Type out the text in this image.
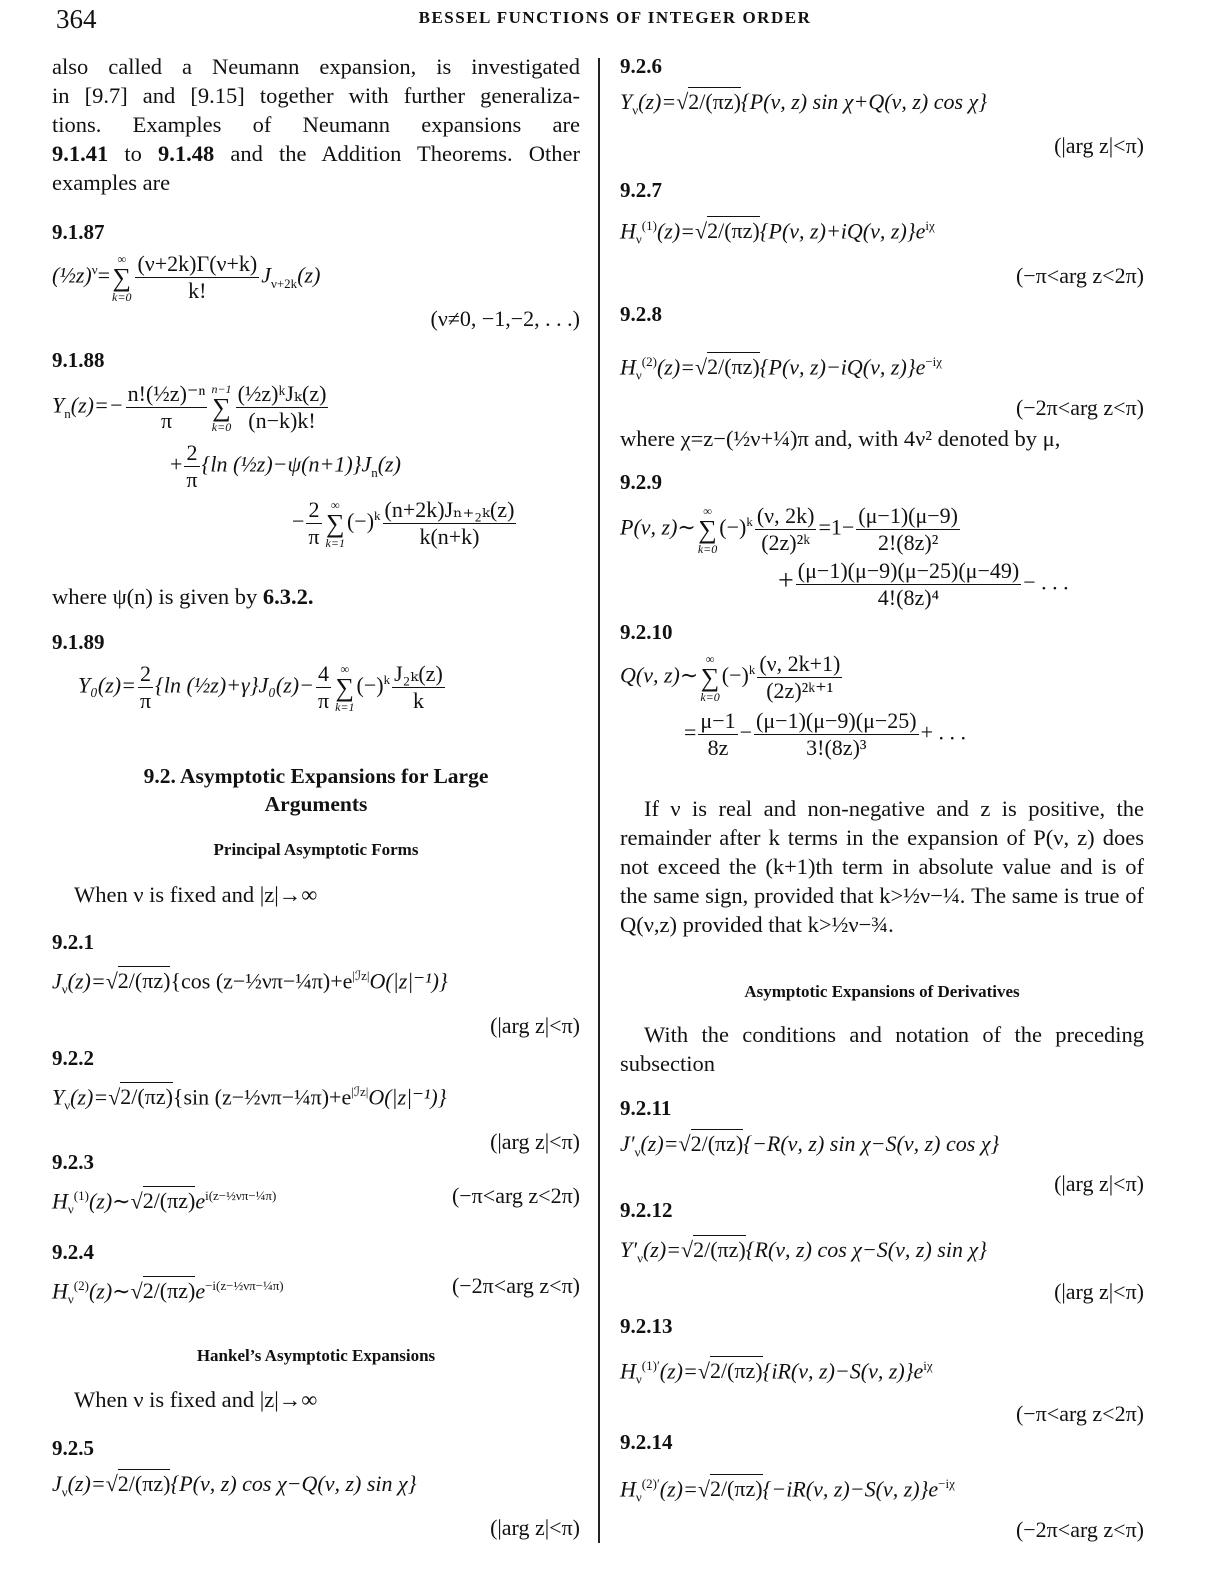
364	BESSEL FUNCTIONS OF INTEGER ORDER
also called a Neumann expansion, is investigated
in [9.7] and [9.15] together with further generaliza-
tions. Examples of Neumann expansions are
9.1.41 to 9.1.48 and the Addition Theorems. Other
examples are
9.1.87
(½z)$^\nu$=
∞
∑
$k=0 \frac{(\nu+2k)\Gamma(\nu+k)}{k!} J_{\nu+2k}(z)$
(ν≠0, −1,−2, . . .)
9.1.88
$Y_n(z)=- \frac{\text{n!(½z)⁻ⁿ}}{\pi} n-1$
∑
$k=0 \frac{\text{(½z)ᵏJₖ(z)}}{(n-k)k!}$
+ $\frac{2}{\pi} \{\ln$ $(\frac{1}{2}z)-\psi(n+1)\}J_n(z)$
− $\frac{2}{\pi}$ ∞
∑
k=1
$(-)^k \frac{\text{(n+2k)Jₙ₊₂ₖ(z)}}{k(n+k)}$
where ψ(n) is given by 6.3.2.
9.1.89
$Y_0(z)= \frac{2}{\pi} \{\ln$ (½z)+γ}J₀(z)− $\frac{4}{\pi}$ ∞
∑
k=1
$(-)^k \frac{\text{J₂ₖ(z)}}{k}$
9.2. Asymptotic Expansions for Large
Arguments
Principal Asymptotic Forms
When ν is fixed and |z|→∞
9.2.1
$J_\nu(z)=√2/(\pi z)\{\cos$ $(z-\frac{1}{2}\nu\pi-\frac{1}{4}\pi)+e^{|ℐz|}O(|z|^{-1})$}
(|arg z|<π)
9.2.2
$Y_\nu(z)=√2/(\pi z)\{\sin$ $(z-\frac{1}{2}\nu\pi-\frac{1}{4}\pi)+e^{|ℐz|}O(|z|^{-1})$}
(|arg z|<π)
9.2.3
$H_\nu^{(1)}(z)\sim√2/(\pi z)e^{i(z-\frac{1}{2}\nu\pi-\frac{1}{4}\pi)}$	(−π<arg z<2π)
9.2.4
$H_\nu^{(2)}(z)\sim√2/(\pi z)e^{-i(z-\frac{1}{2}\nu\pi-\frac{1}{4}\pi)}$	(−2π<arg z<π)
Hankel’s Asymptotic Expansions
When ν is fixed and |z|→∞
9.2.5
$J_\nu(z)=√2/(\pi z)\{P(\nu$, z) cos χ−Q(ν, z) sin χ}
(|arg z|<π)
9.2.6
$Y_\nu(z)=√2/(\pi z)\{P(\nu$, z) sin χ+Q(ν, z) cos χ}
(|arg z|<π)
9.2.7
$H_\nu^{(1)}(z)=√2/(\pi z)\{P(\nu$, z)+iQ(ν, $z)\}e^{i\chi}$
(−π<arg z<2π)
9.2.8
$H_\nu^{(2)}(z)=√2/(\pi z)\{P(\nu$, z)−iQ(ν, $z)\}e^{-i\chi}$
(−2π<arg z<π)
where χ=z−(½ν+¼)π and, with 4ν² denoted by μ,
9.2.9
P(ν, z)∼
∞
∑
k=0
$(-)^k \frac{(\nu, 2k)}{\text{(2z)²ᵏ}} =1- \frac{(\mu-1)(\mu-9)}{\text{2!(8z)²}}$
+ $\frac{(\mu-1)(\mu-9)(\mu-25)(\mu-49)}{\text{4!(8z)⁴}}$ − . . .
9.2.10
Q(ν, z)∼
∞
∑
k=0
$(-)^k \frac{(\nu, 2k+1)}{\text{(2z)²ᵏ⁺¹}}$
= $\frac{\mu-1}{8z} - \frac{(\mu-1)(\mu-9)(\mu-25)}{\text{3!(8z)³}}$ + . . .
If ν is real and non-negative and z is positive, the remainder after k terms in the expansion of P(ν, z) does not exceed the (k+1)th term in absolute value and is of the same sign, provided that k>½ν−¼. The same is true of Q(ν,z) provided that k>½ν−¾.
Asymptotic Expansions of Derivatives
With the conditions and notation of the preceding subsection
9.2.11
$J'_\nu(z)=√2/(\pi z)\{-R(\nu$, z) sin χ−S(ν, z) cos χ}
(|arg z|<π)
9.2.12
$Y'_\nu(z)=√2/(\pi z)\{R(\nu$, z) cos χ−S(ν, z) sin χ}
(|arg z|<π)
9.2.13
$H_\nu^{(1)'}(z)=√2/(\pi z)\{iR(\nu$, z)−S(ν, $z)\}e^{i\chi}$
(−π<arg z<2π)
9.2.14
$H_\nu^{(2)'}(z)=√2/(\pi z)\{-iR(\nu$, z)−S(ν, $z)\}e^{-i\chi}$
(−2π<arg z<π)
